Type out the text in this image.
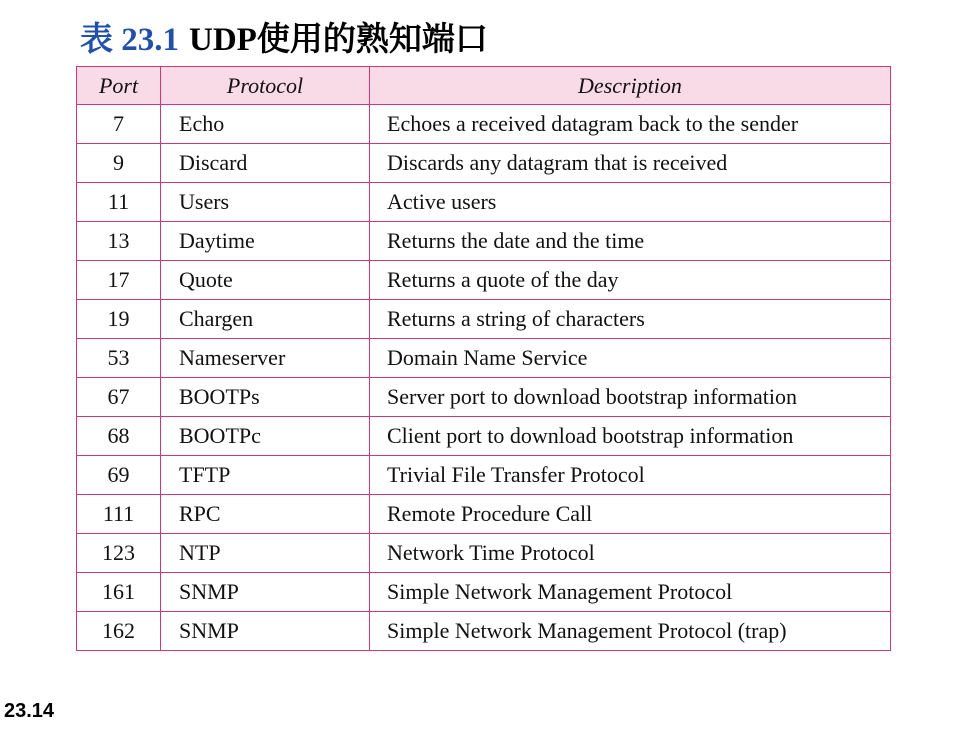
表 23.1 UDP使用的熟知端口
Port	Protocol	Description
7	Echo	Echoes a received datagram back to the sender
9	Discard	Discards any datagram that is received
11	Users	Active users
13	Daytime	Returns the date and the time
17	Quote	Returns a quote of the day
19	Chargen	Returns a string of characters
53	Nameserver	Domain Name Service
67	BOOTPs	Server port to download bootstrap information
68	BOOTPc	Client port to download bootstrap information
69	TFTP	Trivial File Transfer Protocol
111	RPC	Remote Procedure Call
123	NTP	Network Time Protocol
161	SNMP	Simple Network Management Protocol
162	SNMP	Simple Network Management Protocol (trap)
23.14
